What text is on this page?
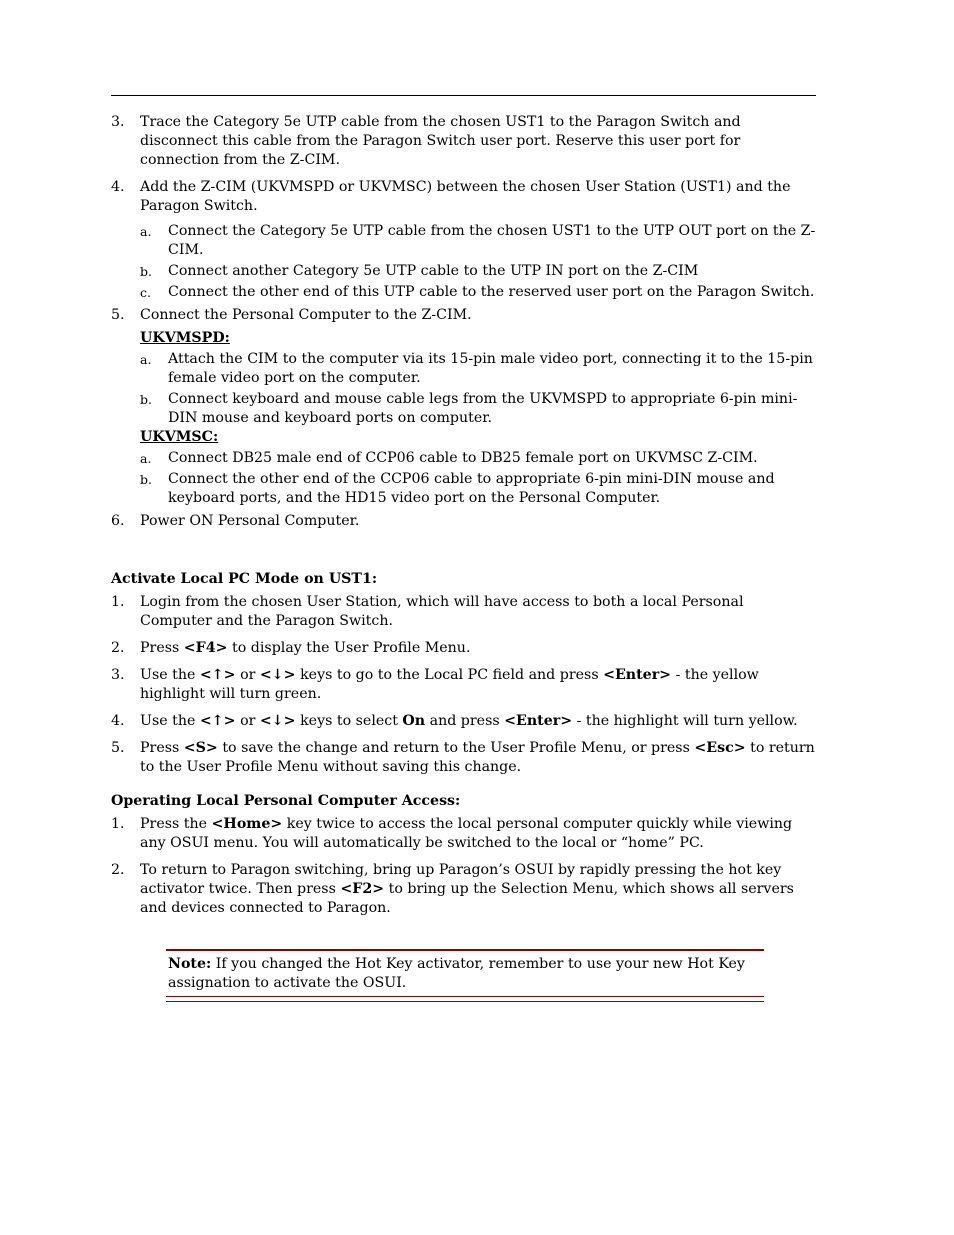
3.	Trace the Category 5e UTP cable from the chosen UST1 to the Paragon Switch and disconnect this cable from the Paragon Switch user port. Reserve this user port for connection from the Z-CIM.
4.	Add the Z-CIM (UKVMSPD or UKVMSC) between the chosen User Station (UST1) and the Paragon Switch.
a.	Connect the Category 5e UTP cable from the chosen UST1 to the UTP OUT port on the Z-CIM.
b.	Connect another Category 5e UTP cable to the UTP IN port on the Z-CIM
c.	Connect the other end of this UTP cable to the reserved user port on the Paragon Switch.
5.	Connect the Personal Computer to the Z-CIM.
UKVMSPD:
a.	Attach the CIM to the computer via its 15-pin male video port, connecting it to the 15-pin female video port on the computer.
b.	Connect keyboard and mouse cable legs from the UKVMSPD to appropriate 6-pin mini-DIN mouse and keyboard ports on computer.
UKVMSC:
a.	Connect DB25 male end of CCP06 cable to DB25 female port on UKVMSC Z-CIM.
b.	Connect the other end of the CCP06 cable to appropriate 6-pin mini-DIN mouse and keyboard ports, and the HD15 video port on the Personal Computer.
6.	Power ON Personal Computer.
Activate Local PC Mode on UST1:
1.	Login from the chosen User Station, which will have access to both a local Personal Computer and the Paragon Switch.
2.	Press <F4> to display the User Profile Menu.
3.	Use the <↑> or <↓> keys to go to the Local PC field and press <Enter> - the yellow highlight will turn green.
4.	Use the <↑> or <↓> keys to select On and press <Enter> - the highlight will turn yellow.
5.	Press <S> to save the change and return to the User Profile Menu, or press <Esc> to return to the User Profile Menu without saving this change.
Operating Local Personal Computer Access:
1.	Press the <Home> key twice to access the local personal computer quickly while viewing any OSUI menu. You will automatically be switched to the local or “home” PC.
2.	To return to Paragon switching, bring up Paragon’s OSUI by rapidly pressing the hot key activator twice. Then press <F2> to bring up the Selection Menu, which shows all servers and devices connected to Paragon.
Note: If you changed the Hot Key activator, remember to use your new Hot Key assignation to activate the OSUI.
